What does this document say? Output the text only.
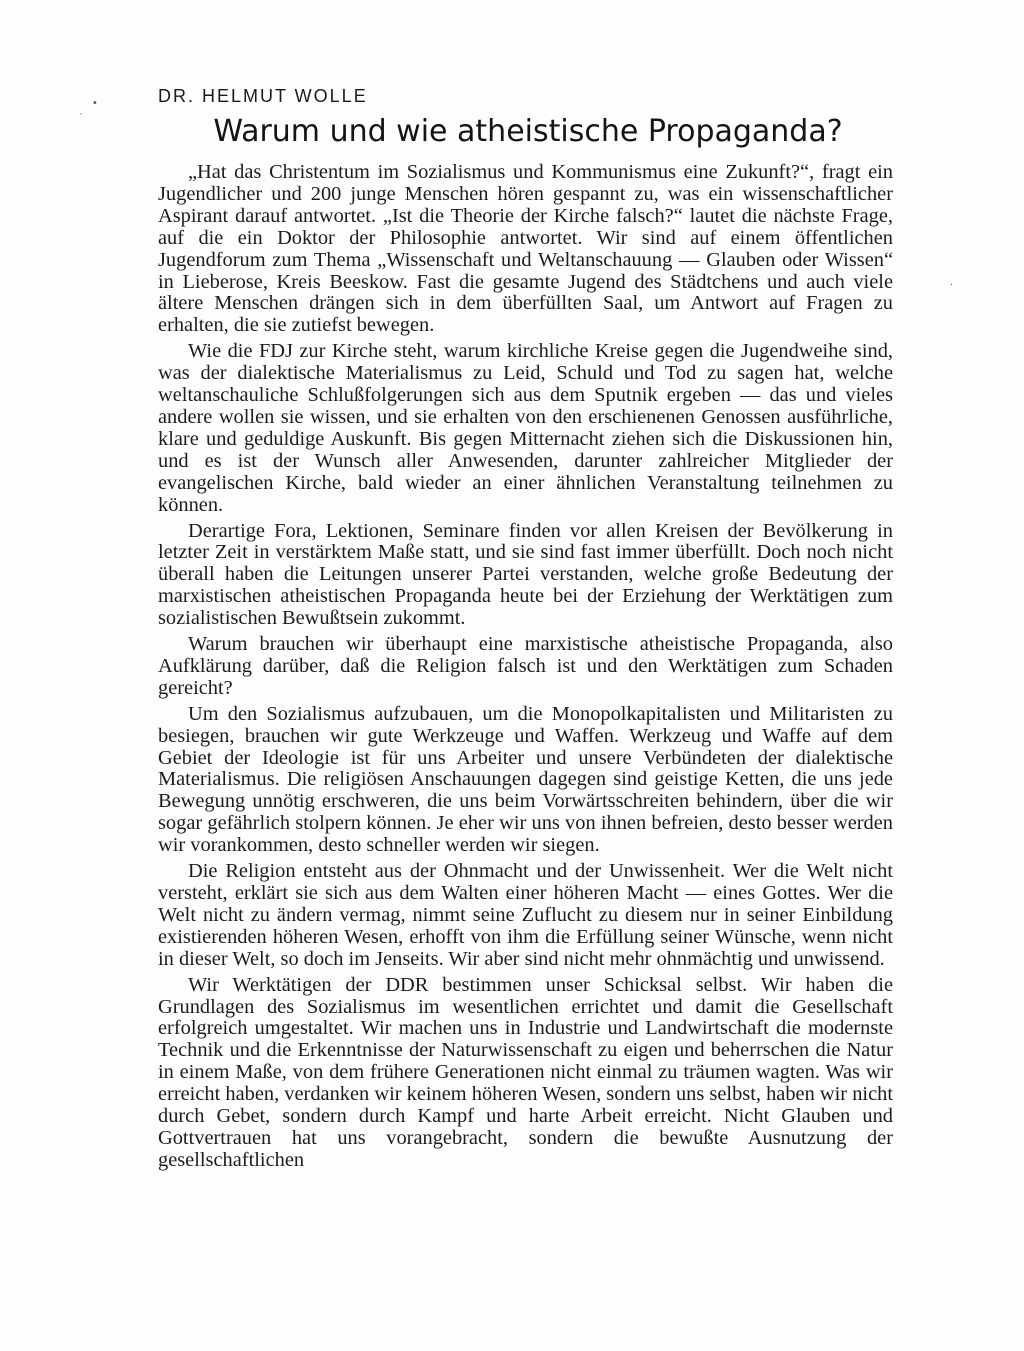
•
′
·
DR. HELMUT WOLLE
Warum und wie atheistische Propaganda?

„Hat das Christentum im Sozialismus und Kommunismus eine Zukunft?“, fragt ein Jugendlicher und 200 junge Menschen hören gespannt zu, was ein wissenschaftlicher Aspirant darauf antwortet. „Ist die Theorie der Kirche falsch?“ lautet die nächste Frage, auf die ein Doktor der Philosophie antwortet. Wir sind auf einem öffentlichen Jugendforum zum Thema „Wissenschaft und Weltanschauung — Glauben oder Wissen“ in Lieberose, Kreis Beeskow. Fast die gesamte Jugend des Städtchens und auch viele ältere Menschen drängen sich in dem überfüllten Saal, um Antwort auf Fragen zu erhalten, die sie zutiefst bewegen.

Wie die FDJ zur Kirche steht, warum kirchliche Kreise gegen die Jugendweihe sind, was der dialektische Materialismus zu Leid, Schuld und Tod zu sagen hat, welche weltanschauliche Schlußfolgerungen sich aus dem Sputnik ergeben — das und vieles andere wollen sie wissen, und sie erhalten von den erschienenen Genossen ausführliche, klare und geduldige Auskunft. Bis gegen Mitternacht ziehen sich die Diskussionen hin, und es ist der Wunsch aller Anwesenden, darunter zahlreicher Mitglieder der evangelischen Kirche, bald wieder an einer ähnlichen Veranstaltung teilnehmen zu können.

Derartige Fora, Lektionen, Seminare finden vor allen Kreisen der Bevölkerung in letzter Zeit in verstärktem Maße statt, und sie sind fast immer überfüllt. Doch noch nicht überall haben die Leitungen unserer Partei verstanden, welche große Bedeutung der marxistischen atheistischen Propaganda heute bei der Erziehung der Werktätigen zum sozialistischen Bewußtsein zukommt.

Warum brauchen wir überhaupt eine marxistische atheistische Propaganda, also Aufklärung darüber, daß die Religion falsch ist und den Werktätigen zum Schaden gereicht?

Um den Sozialismus aufzubauen, um die Monopolkapitalisten und Militaristen zu besiegen, brauchen wir gute Werkzeuge und Waffen. Werkzeug und Waffe auf dem Gebiet der Ideologie ist für uns Arbeiter und unsere Verbündeten der dialektische Materialismus. Die religiösen Anschauungen dagegen sind geistige Ketten, die uns jede Bewegung unnötig erschweren, die uns beim Vorwärtsschreiten behindern, über die wir sogar gefährlich stolpern können. Je eher wir uns von ihnen befreien, desto besser werden wir vorankommen, desto schneller werden wir siegen.

Die Religion entsteht aus der Ohnmacht und der Unwissenheit. Wer die Welt nicht versteht, erklärt sie sich aus dem Walten einer höheren Macht — eines Gottes. Wer die Welt nicht zu ändern vermag, nimmt seine Zuflucht zu diesem nur in seiner Einbildung existierenden höheren Wesen, erhofft von ihm die Erfüllung seiner Wünsche, wenn nicht in dieser Welt, so doch im Jenseits. Wir aber sind nicht mehr ohnmächtig und unwissend.

Wir Werktätigen der DDR bestimmen unser Schicksal selbst. Wir haben die Grundlagen des Sozialismus im wesentlichen errichtet und damit die Gesellschaft erfolgreich umgestaltet. Wir machen uns in Industrie und Landwirtschaft die modernste Technik und die Erkenntnisse der Naturwissenschaft zu eigen und beherrschen die Natur in einem Maße, von dem frühere Generationen nicht einmal zu träumen wagten. Was wir erreicht haben, verdanken wir keinem höheren Wesen, sondern uns selbst, haben wir nicht durch Gebet, sondern durch Kampf und harte Arbeit erreicht. Nicht Glauben und Gottvertrauen hat uns vorangebracht, sondern die bewußte Ausnutzung der gesellschaftlichen
